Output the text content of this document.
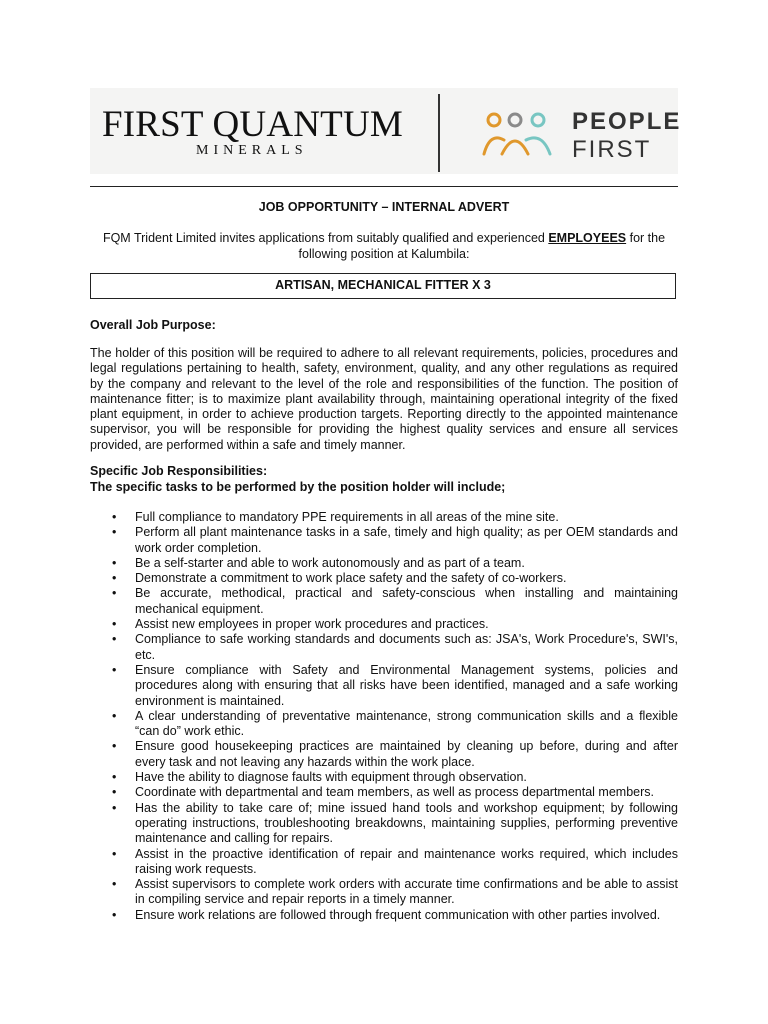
FIRST QUANTUM
MINERALS
PEOPLE
FIRST
JOB OPPORTUNITY – INTERNAL ADVERT
FQM Trident Limited invites applications from suitably qualified and experienced EMPLOYEES for the following position at Kalumbila:
ARTISAN, MECHANICAL FITTER X 3
Overall Job Purpose:
The holder of this position will be required to adhere to all relevant requirements, policies, procedures and legal regulations pertaining to health, safety, environment, quality, and any other regulations as required by the company and relevant to the level of the role and responsibilities of the function. The position of maintenance fitter; is to maximize plant availability through, maintaining operational integrity of the fixed plant equipment, in order to achieve production targets. Reporting directly to the appointed maintenance supervisor, you will be responsible for providing the highest quality services and ensure all services provided, are performed within a safe and timely manner.
Specific Job Responsibilities:
The specific tasks to be performed by the position holder will include;
• Full compliance to mandatory PPE requirements in all areas of the mine site.
• Perform all plant maintenance tasks in a safe, timely and high quality; as per OEM standards and work order completion.
• Be a self-starter and able to work autonomously and as part of a team.
• Demonstrate a commitment to work place safety and the safety of co-workers.
• Be accurate, methodical, practical and safety-conscious when installing and maintaining mechanical equipment.
• Assist new employees in proper work procedures and practices.
• Compliance to safe working standards and documents such as: JSA's, Work Procedure's, SWI's, etc.
• Ensure compliance with Safety and Environmental Management systems, policies and procedures along with ensuring that all risks have been identified, managed and a safe working environment is maintained.
• A clear understanding of preventative maintenance, strong communication skills and a flexible “can do” work ethic.
• Ensure good housekeeping practices are maintained by cleaning up before, during and after every task and not leaving any hazards within the work place.
• Have the ability to diagnose faults with equipment through observation.
• Coordinate with departmental and team members, as well as process departmental members.
• Has the ability to take care of; mine issued hand tools and workshop equipment; by following operating instructions, troubleshooting breakdowns, maintaining supplies, performing preventive maintenance and calling for repairs.
• Assist in the proactive identification of repair and maintenance works required, which includes raising work requests.
• Assist supervisors to complete work orders with accurate time confirmations and be able to assist in compiling service and repair reports in a timely manner.
• Ensure work relations are followed through frequent communication with other parties involved.
